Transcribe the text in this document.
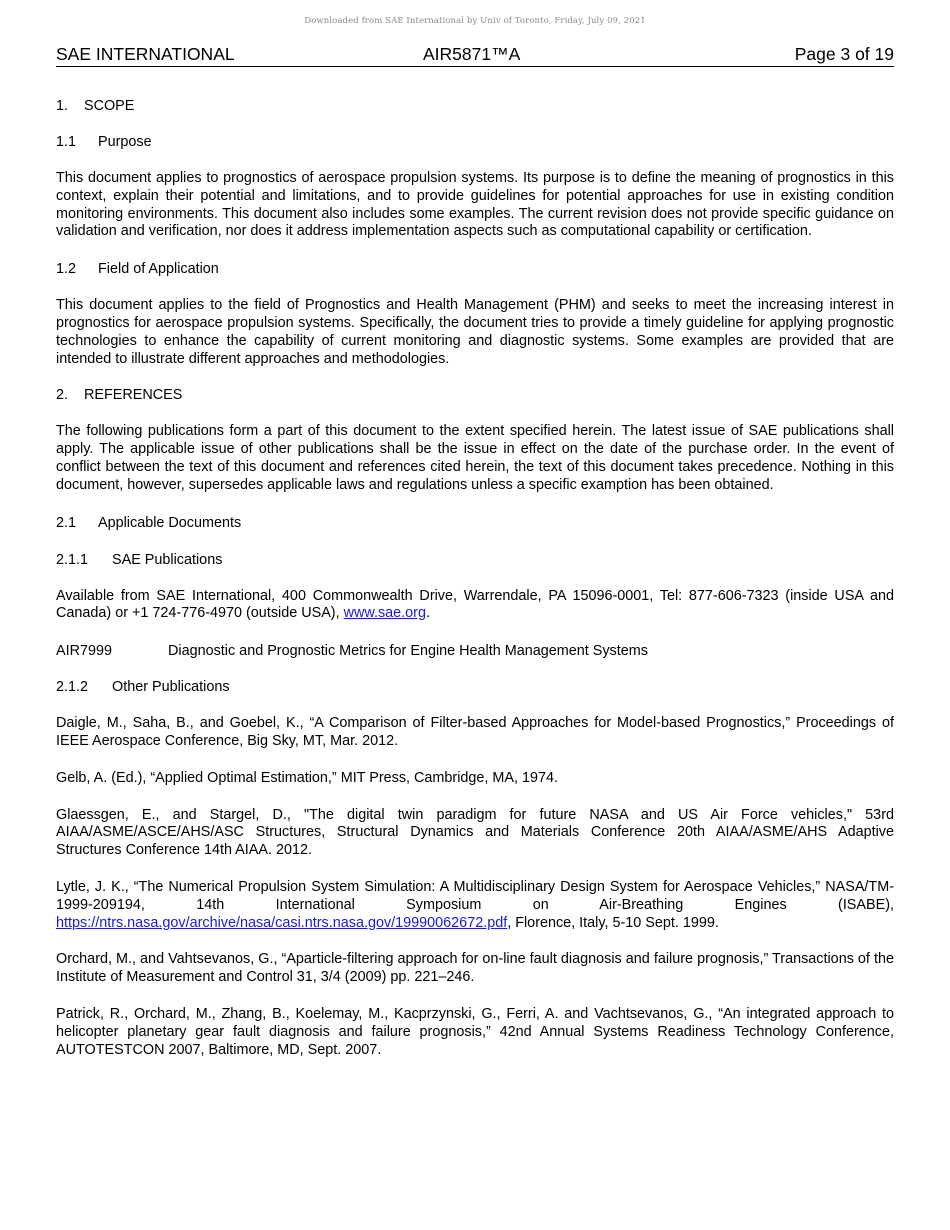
Downloaded from SAE International by Univ of Toronto, Friday, July 09, 2021
SAE INTERNATIONAL	AIR5871™A	Page 3 of 19

1. SCOPE

1.1 Purpose

This document applies to prognostics of aerospace propulsion systems. Its purpose is to define the meaning of prognostics in this context, explain their potential and limitations, and to provide guidelines for potential approaches for use in existing condition monitoring environments. This document also includes some examples. The current revision does not provide specific guidance on validation and verification, nor does it address implementation aspects such as computational capability or certification.

1.2 Field of Application

This document applies to the field of Prognostics and Health Management (PHM) and seeks to meet the increasing interest in prognostics for aerospace propulsion systems. Specifically, the document tries to provide a timely guideline for applying prognostic technologies to enhance the capability of current monitoring and diagnostic systems. Some examples are provided that are intended to illustrate different approaches and methodologies.

2. REFERENCES

The following publications form a part of this document to the extent specified herein. The latest issue of SAE publications shall apply. The applicable issue of other publications shall be the issue in effect on the date of the purchase order. In the event of conflict between the text of this document and references cited herein, the text of this document takes precedence. Nothing in this document, however, supersedes applicable laws and regulations unless a specific examption has been obtained.

2.1 Applicable Documents

2.1.1 SAE Publications

Available from SAE International, 400 Commonwealth Drive, Warrendale, PA 15096-0001, Tel: 877-606-7323 (inside USA and Canada) or +1 724-776-4970 (outside USA), www.sae.org.

AIR7999	Diagnostic and Prognostic Metrics for Engine Health Management Systems

2.1.2 Other Publications

Daigle, M., Saha, B., and Goebel, K., “A Comparison of Filter-based Approaches for Model-based Prognostics,” Proceedings of IEEE Aerospace Conference, Big Sky, MT, Mar. 2012.

Gelb, A. (Ed.), “Applied Optimal Estimation,” MIT Press, Cambridge, MA, 1974.

Glaessgen, E., and Stargel, D., "The digital twin paradigm for future NASA and US Air Force vehicles," 53rd AIAA/ASME/ASCE/AHS/ASC Structures, Structural Dynamics and Materials Conference 20th AIAA/ASME/AHS Adaptive Structures Conference 14th AIAA. 2012.

Lytle, J. K., “The Numerical Propulsion System Simulation: A Multidisciplinary Design System for Aerospace Vehicles,” NASA/TM-1999-209194, 14th International Symposium on Air-Breathing Engines (ISABE), https://ntrs.nasa.gov/archive/nasa/casi.ntrs.nasa.gov/19990062672.pdf, Florence, Italy, 5-10 Sept. 1999.

Orchard, M., and Vahtsevanos, G., “Aparticle-filtering approach for on-line fault diagnosis and failure prognosis,” Transactions of the Institute of Measurement and Control 31, 3/4 (2009) pp. 221–246.

Patrick, R., Orchard, M., Zhang, B., Koelemay, M., Kacprzynski, G., Ferri, A. and Vachtsevanos, G., “An integrated approach to helicopter planetary gear fault diagnosis and failure prognosis,” 42nd Annual Systems Readiness Technology Conference, AUTOTESTCON 2007, Baltimore, MD, Sept. 2007.
